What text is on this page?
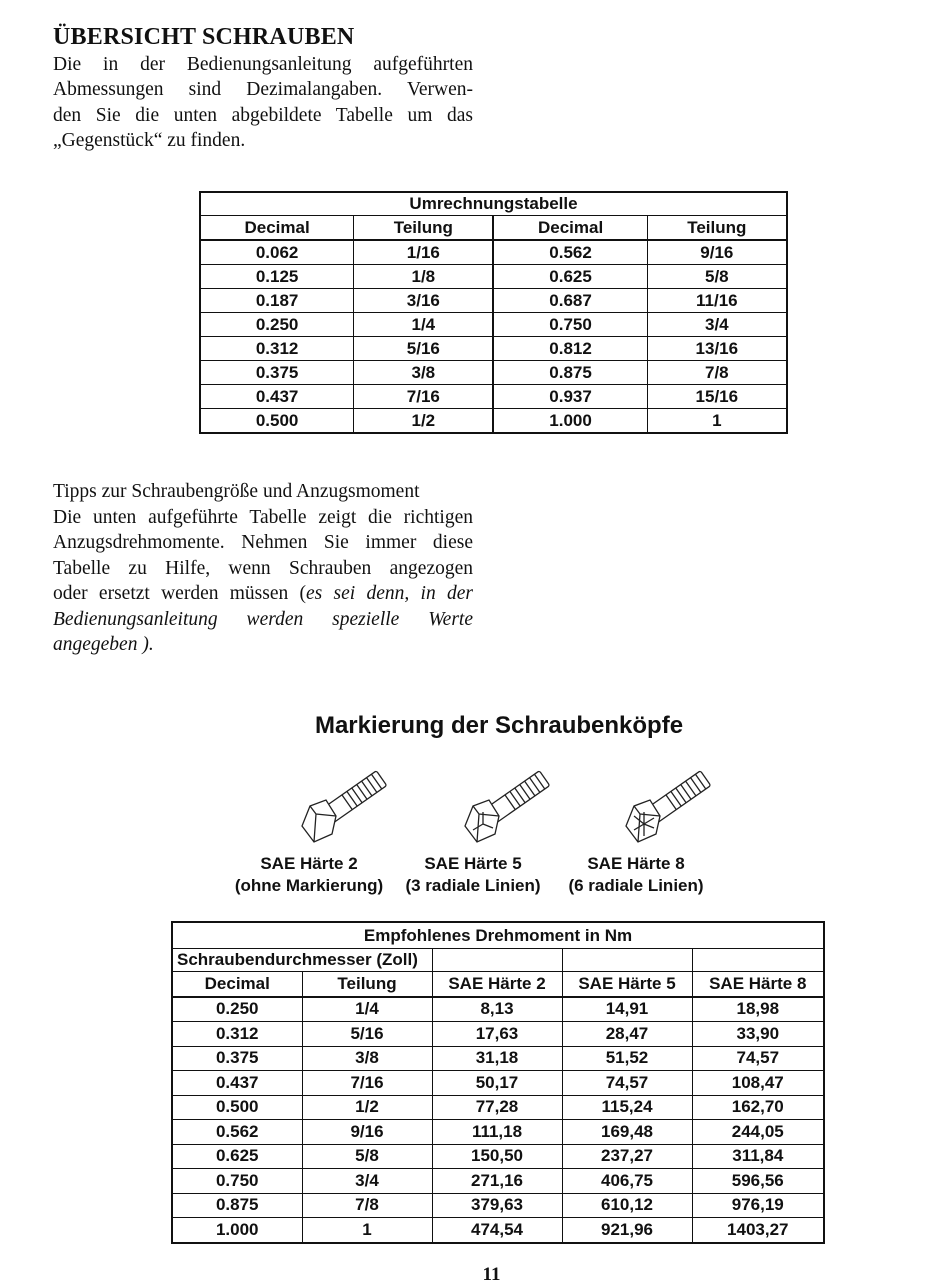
ÜBERSICHT SCHRAUBEN

Die in der Bedienungsanleitung aufgeführten
Abmessungen sind Dezimalangaben. Verwen-
den Sie die unten abgebildete Tabelle um das
„Gegenstück“ zu finden.

Umrechnungstabelle			
Decimal	Teilung	Decimal	Teilung
0.062	1/16	0.562	9/16
0.125	1/8	0.625	5/8
0.187	3/16	0.687	11/16
0.250	1/4	0.750	3/4
0.312	5/16	0.812	13/16
0.375	3/8	0.875	7/8
0.437	7/16	0.937	15/16
0.500	1/2	1.000	1

Tipps zur Schraubengröße und Anzugsmoment
Die unten aufgeführte Tabelle zeigt die richtigen
Anzugsdrehmomente. Nehmen Sie immer diese
Tabelle zu Hilfe, wenn Schrauben angezogen
oder ersetzt werden müssen (es sei denn, in der
Bedienungsanleitung werden spezielle Werte
angegeben ).

Markierung der Schraubenköpfe
SAE Härte 2
(ohne Markierung)
SAE Härte 5
(3 radiale Linien)
SAE Härte 8
(6 radiale Linien)
Empfohlenes Drehmoment in Nm				
Schraubendurchmesser (Zoll)				
Decimal	Teilung	SAE Härte 2	SAE Härte 5	SAE Härte 8
0.250	1/4	8,13	14,91	18,98
0.312	5/16	17,63	28,47	33,90
0.375	3/8	31,18	51,52	74,57
0.437	7/16	50,17	74,57	108,47
0.500	1/2	77,28	115,24	162,70
0.562	9/16	111,18	169,48	244,05
0.625	5/8	150,50	237,27	311,84
0.750	3/4	271,16	406,75	596,56
0.875	7/8	379,63	610,12	976,19
1.000	1	474,54	921,96	1403,27
11
